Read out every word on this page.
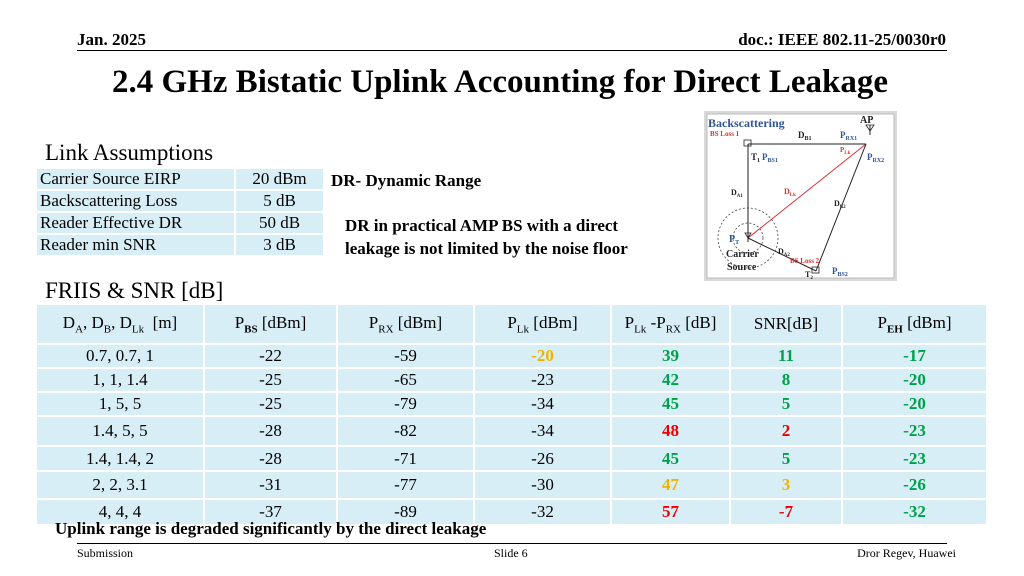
Jan. 2025	doc.: IEEE 802.11-25/0030r0
2.4 GHz Bistatic Uplink Accounting for Direct Leakage
Link Assumptions
Carrier Source EIRP	20 dBm
Backscattering Loss	5 dB
Reader Effective DR	50 dB
Reader min SNR	3 dB
DR- Dynamic Range
DR in practical AMP BS with a direct
leakage is not limited by the noise floor
Backscattering	AP
BS Loss 1
BS Loss 2
Carrier
Source
$D_{B1}$	$P_{RX1}$
$P_{Lk}$ $P_{RX2}$
$T_1$ $P_{BS1}$
$D_{A1}$
$D_{Lk}$
$D_{B2}$
$D_{A2}$
$P_T$
$T_2$
$P_{BS2}$
FRIIS & SNR [dB]
$D_A$, $D_B$, $D_{Lk}$  [m]	$P_{BS}$ [dBm]	$P_{RX}$ [dBm]	$P_{Lk}$ [dBm]	$P_{Lk}$ $-P_{RX}$ [dB]	SNR[dB]	$P_{EH}$ [dBm]
0.7, 0.7, 1	-22	-59	-20	39	11	-17
1, 1, 1.4	-25	-65	-23	42	8	-20
1, 5, 5	-25	-79	-34	45	5	-20
1.4, 5, 5	-28	-82	-34	48	2	-23
1.4, 1.4, 2	-28	-71	-26	45	5	-23
2, 2, 3.1	-31	-77	-30	47	3	-26
4, 4, 4	-37	-89	-32	57	-7	-32
Uplink range is degraded significantly by the direct leakage
Submission	Slide 6	Dror Regev, Huawei
